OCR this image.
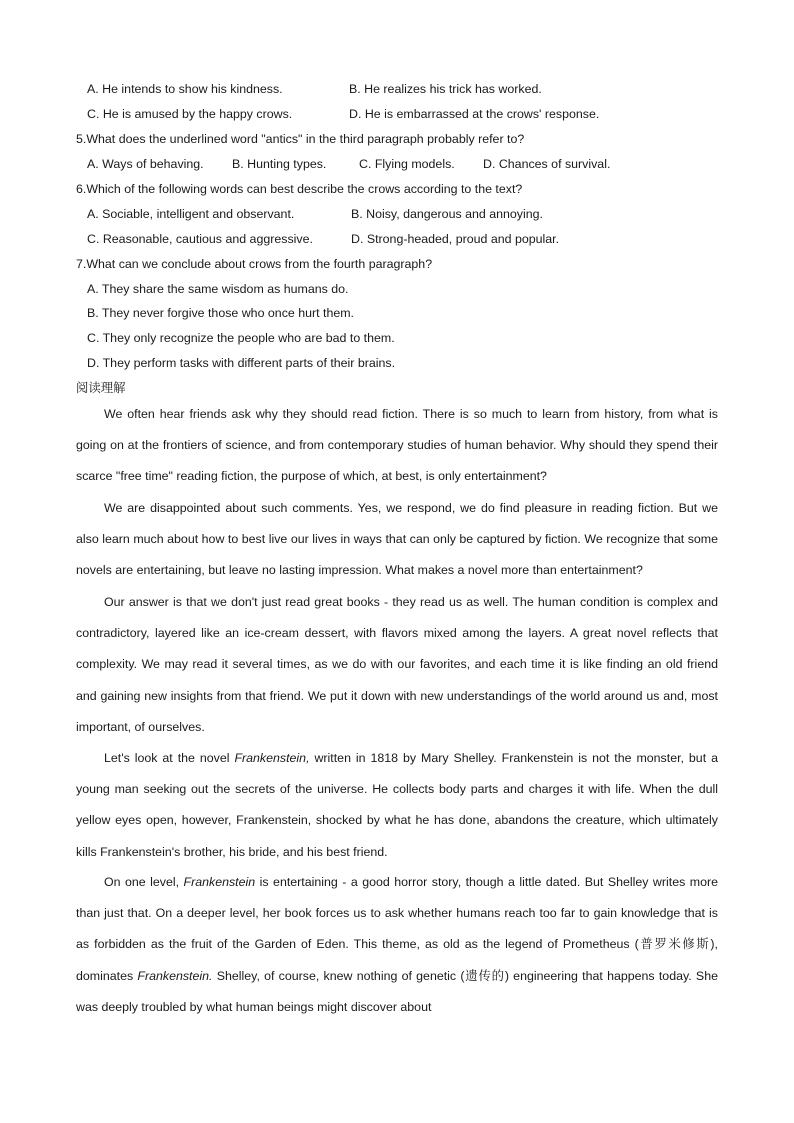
A. He intends to show his kindness.	B. He realizes his trick has worked.
C. He is amused by the happy crows.	D. He is embarrassed at the crows' response.
5.What does the underlined word "antics" in the third paragraph probably refer to?
A. Ways of behaving. B. Hunting types.	C. Flying models. D. Chances of survival.
6.Which of the following words can best describe the crows according to the text?
A. Sociable, intelligent and observant.	B. Noisy, dangerous and annoying.
C. Reasonable, cautious and aggressive.	D. Strong-headed, proud and popular.
7.What can we conclude about crows from the fourth paragraph?
A. They share the same wisdom as humans do.
B. They never forgive those who once hurt them.
C. They only recognize the people who are bad to them.
D. They perform tasks with different parts of their brains.
阅读理解

We often hear friends ask why they should read fiction. There is so much to learn from history, from what is going on at the frontiers of science, and from contemporary studies of human behavior. Why should they spend their scarce "free time" reading fiction, the purpose of which, at best, is only entertainment?

We are disappointed about such comments. Yes, we respond, we do find pleasure in reading fiction. But we also learn much about how to best live our lives in ways that can only be captured by fiction. We recognize that some novels are entertaining, but leave no lasting impression. What makes a novel more than entertainment?

Our answer is that we don't just read great books - they read us as well. The human condition is complex and contradictory, layered like an ice-cream dessert, with flavors mixed among the layers. A great novel reflects that complexity. We may read it several times, as we do with our favorites, and each time it is like finding an old friend and gaining new insights from that friend. We put it down with new understandings of the world around us and, most important, of ourselves.

Let's look at the novel Frankenstein, written in 1818 by Mary Shelley. Frankenstein is not the monster, but a young man seeking out the secrets of the universe. He collects body parts and charges it with life. When the dull yellow eyes open, however, Frankenstein, shocked by what he has done, abandons the creature, which ultimately kills Frankenstein's brother, his bride, and his best friend.

On one level, Frankenstein is entertaining - a good horror story, though a little dated. But Shelley writes more than just that. On a deeper level, her book forces us to ask whether humans reach too far to gain knowledge that is as forbidden as the fruit of the Garden of Eden. This theme, as old as the legend of Prometheus (普罗米修斯), dominates Frankenstein. Shelley, of course, knew nothing of genetic (遗传的) engineering that happens today. She was deeply troubled by what human beings might discover about
